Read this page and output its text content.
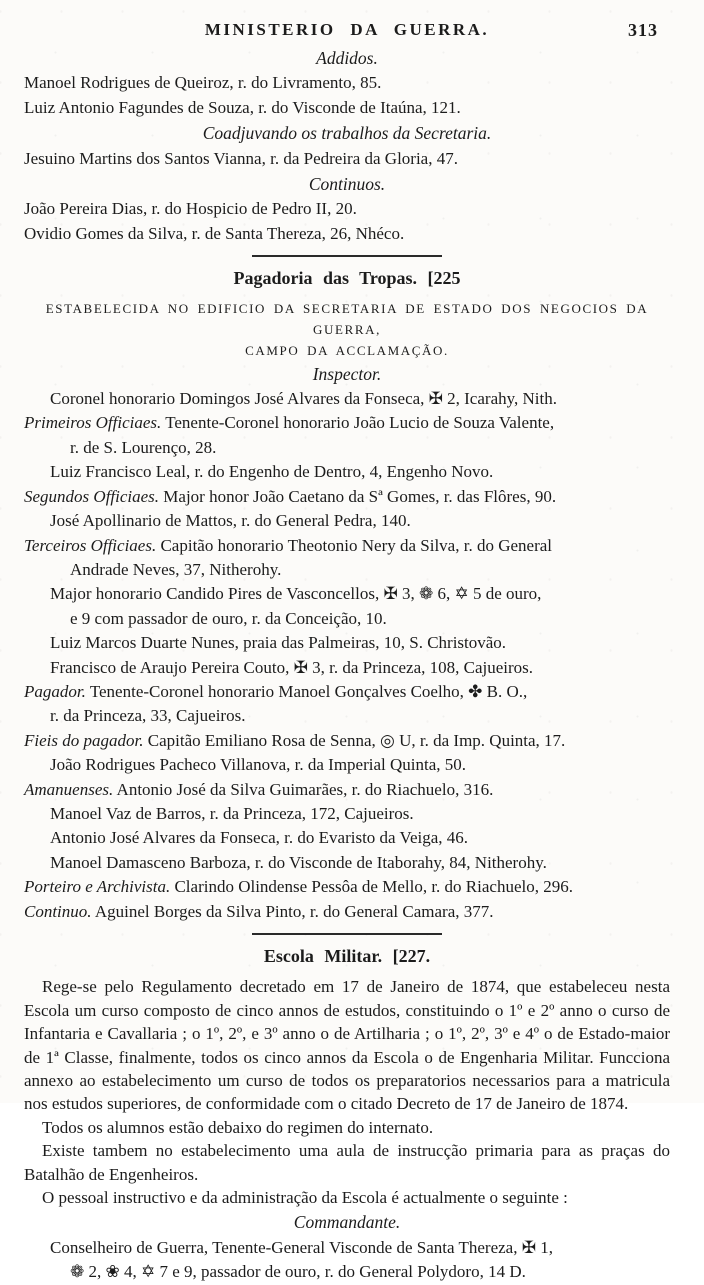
MINISTERIO DA GUERRA.	313
Addidos.
Manoel Rodrigues de Queiroz, r. do Livramento, 85.
Luiz Antonio Fagundes de Souza, r. do Visconde de Itaúna, 121.
Coadjuvando os trabalhos da Secretaria.
Jesuino Martins dos Santos Vianna, r. da Pedreira da Gloria, 47.
Continuos.
João Pereira Dias, r. do Hospicio de Pedro II, 20.
Ovidio Gomes da Silva, r. de Santa Thereza, 26, Nhéco.
Pagadoria das Tropas. [225
ESTABELECIDA NO EDIFICIO DA SECRETARIA DE ESTADO DOS NEGOCIOS DA GUERRA,
CAMPO DA ACCLAMAÇÃO.
Inspector.
Coronel honorario Domingos José Alvares da Fonseca, ✠ 2, Icarahy, Nith.
Primeiros Officiaes. Tenente-Coronel honorario João Lucio de Souza Valente,
r. de S. Lourenço, 28.
Luiz Francisco Leal, r. do Engenho de Dentro, 4, Engenho Novo.
Segundos Officiaes. Major honor João Caetano da Sª Gomes, r. das Flôres, 90.
José Apollinario de Mattos, r. do General Pedra, 140.
Terceiros Officiaes. Capitão honorario Theotonio Nery da Silva, r. do General
Andrade Neves, 37, Nitherohy.
Major honorario Candido Pires de Vasconcellos, ✠ 3, ❁ 6, ✡ 5 de ouro,
e 9 com passador de ouro, r. da Conceição, 10.
Luiz Marcos Duarte Nunes, praia das Palmeiras, 10, S. Christovão.
Francisco de Araujo Pereira Couto, ✠ 3, r. da Princeza, 108, Cajueiros.
Pagador. Tenente-Coronel honorario Manoel Gonçalves Coelho, ✤ B. O.,
r. da Princeza, 33, Cajueiros.
Fieis do pagador. Capitão Emiliano Rosa de Senna, ◎ U, r. da Imp. Quinta, 17.
João Rodrigues Pacheco Villanova, r. da Imperial Quinta, 50.
Amanuenses. Antonio José da Silva Guimarães, r. do Riachuelo, 316.
Manoel Vaz de Barros, r. da Princeza, 172, Cajueiros.
Antonio José Alvares da Fonseca, r. do Evaristo da Veiga, 46.
Manoel Damasceno Barboza, r. do Visconde de Itaborahy, 84, Nitherohy.
Porteiro e Archivista. Clarindo Olindense Pessôa de Mello, r. do Riachuelo, 296.
Continuo. Aguinel Borges da Silva Pinto, r. do General Camara, 377.
Escola Militar. [227.

Rege-se pelo Regulamento decretado em 17 de Janeiro de 1874, que estabeleceu nesta Escola um curso composto de cinco annos de estudos, constituindo o 1º e 2º anno o curso de Infantaria e Cavallaria ; o 1º, 2º, e 3º anno o de Artilharia ; o 1º, 2º, 3º e 4º o de Estado-maior de 1ª Classe, finalmente, todos os cinco annos da Escola o de Engenharia Militar. Funcciona annexo ao estabelecimento um curso de todos os preparatorios necessarios para a matricula nos estudos superiores, de conformidade com o citado Decreto de 17 de Janeiro de 1874.

Todos os alumnos estão debaixo do regimen do internato.

Existe tambem no estabelecimento uma aula de instrucção primaria para as praças do Batalhão de Engenheiros.

O pessoal instructivo e da administração da Escola é actualmente o seguinte :

Commandante.
Conselheiro de Guerra, Tenente-General Visconde de Santa Thereza, ✠ 1,
❁ 2, ❀ 4, ✡ 7 e 9, passador de ouro, r. do General Polydoro, 14 D.
